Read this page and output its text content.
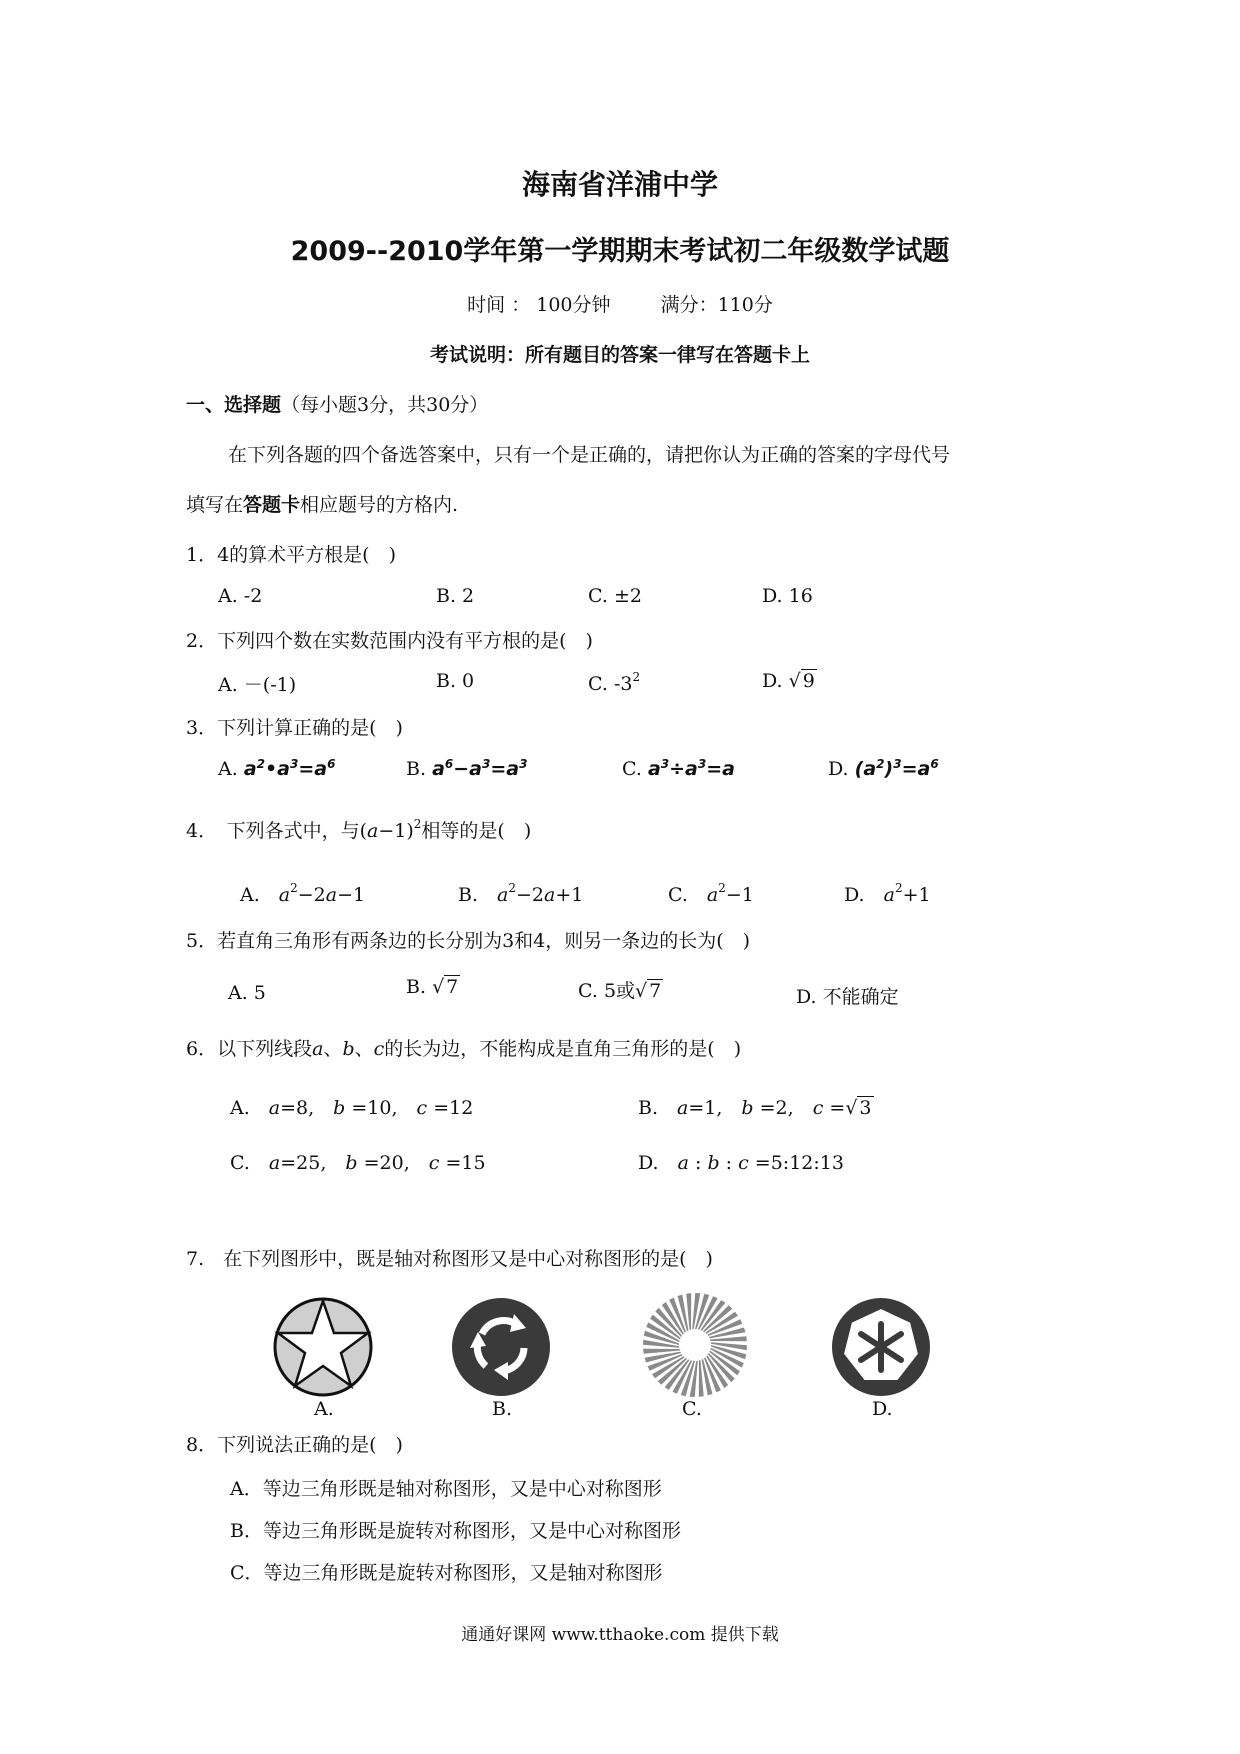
海南省洋浦中学
2009--2010学年第一学期期末考试初二年级数学试题
时间 ： 100分钟	满分：110分
考试说明：所有题目的答案一律写在答题卡上
一、选择题（每小题3分，共30分）
在下列各题的四个备选答案中，只有一个是正确的，请把你认为正确的答案的字母代号
填写在答题卡相应题号的方格内.
1．4的算术平方根是(　)
A. -2	B. 2	C. ±2	D. 16
2．下列四个数在实数范围内没有平方根的是(　)
A. －(-1)	B. 0	C. $-3^2$	D. √ 9
3．下列计算正确的是(　)
A. $a^2•a^3=a^6$	B. $a^6-a^3=a^3$	C. $a^3\div a^3=a$	D. $(a^2)^3=a^6$
4．　下列各式中，与$(a-1)^2$相等的是(　)
A.　 $a^2-2a-1$	B.　 $a^2-2a+1$	C.　 $a^2-1$	D.　 $a^2+1$
5．若直角三角形有两条边的长分别为3和4，则另一条边的长为(　)
A. 5	B. √ 7	C. 5或√ 7	D. 不能确定
6．以下列线段a、b、c的长为边，不能构成是直角三角形的是(　)
A.　 a=8,　b =10,　c =12	B.　 a=1,　b =2,　c =√ 3
C.　 a=25,　b =20,　c =15	D.　 a : b : c =5:12:13
7.　在下列图形中，既是轴对称图形又是中心对称图形的是(　)
A.	B.	C.	D.
8．下列说法正确的是(　)
A．等边三角形既是轴对称图形，又是中心对称图形
B．等边三角形既是旋转对称图形，又是中心对称图形
C．等边三角形既是旋转对称图形，又是轴对称图形
通通好课网 www.tthaoke.com 提供下载
